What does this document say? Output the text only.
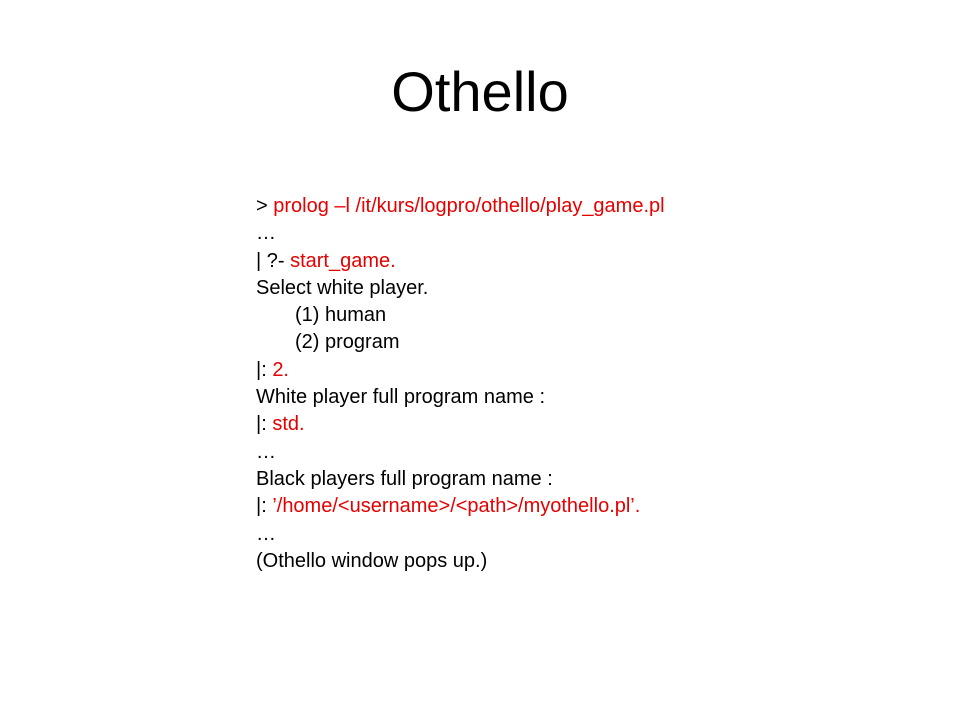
Othello
> prolog –l /it/kurs/logpro/othello/play_game.pl
…
| ?- start_game.
Select white player.
(1) human
(2) program
|: 2.
White player full program name :
|: std.
…
Black players full program name :
|: ’/home/<username>/<path>/myothello.pl’.
…
(Othello window pops up.)
